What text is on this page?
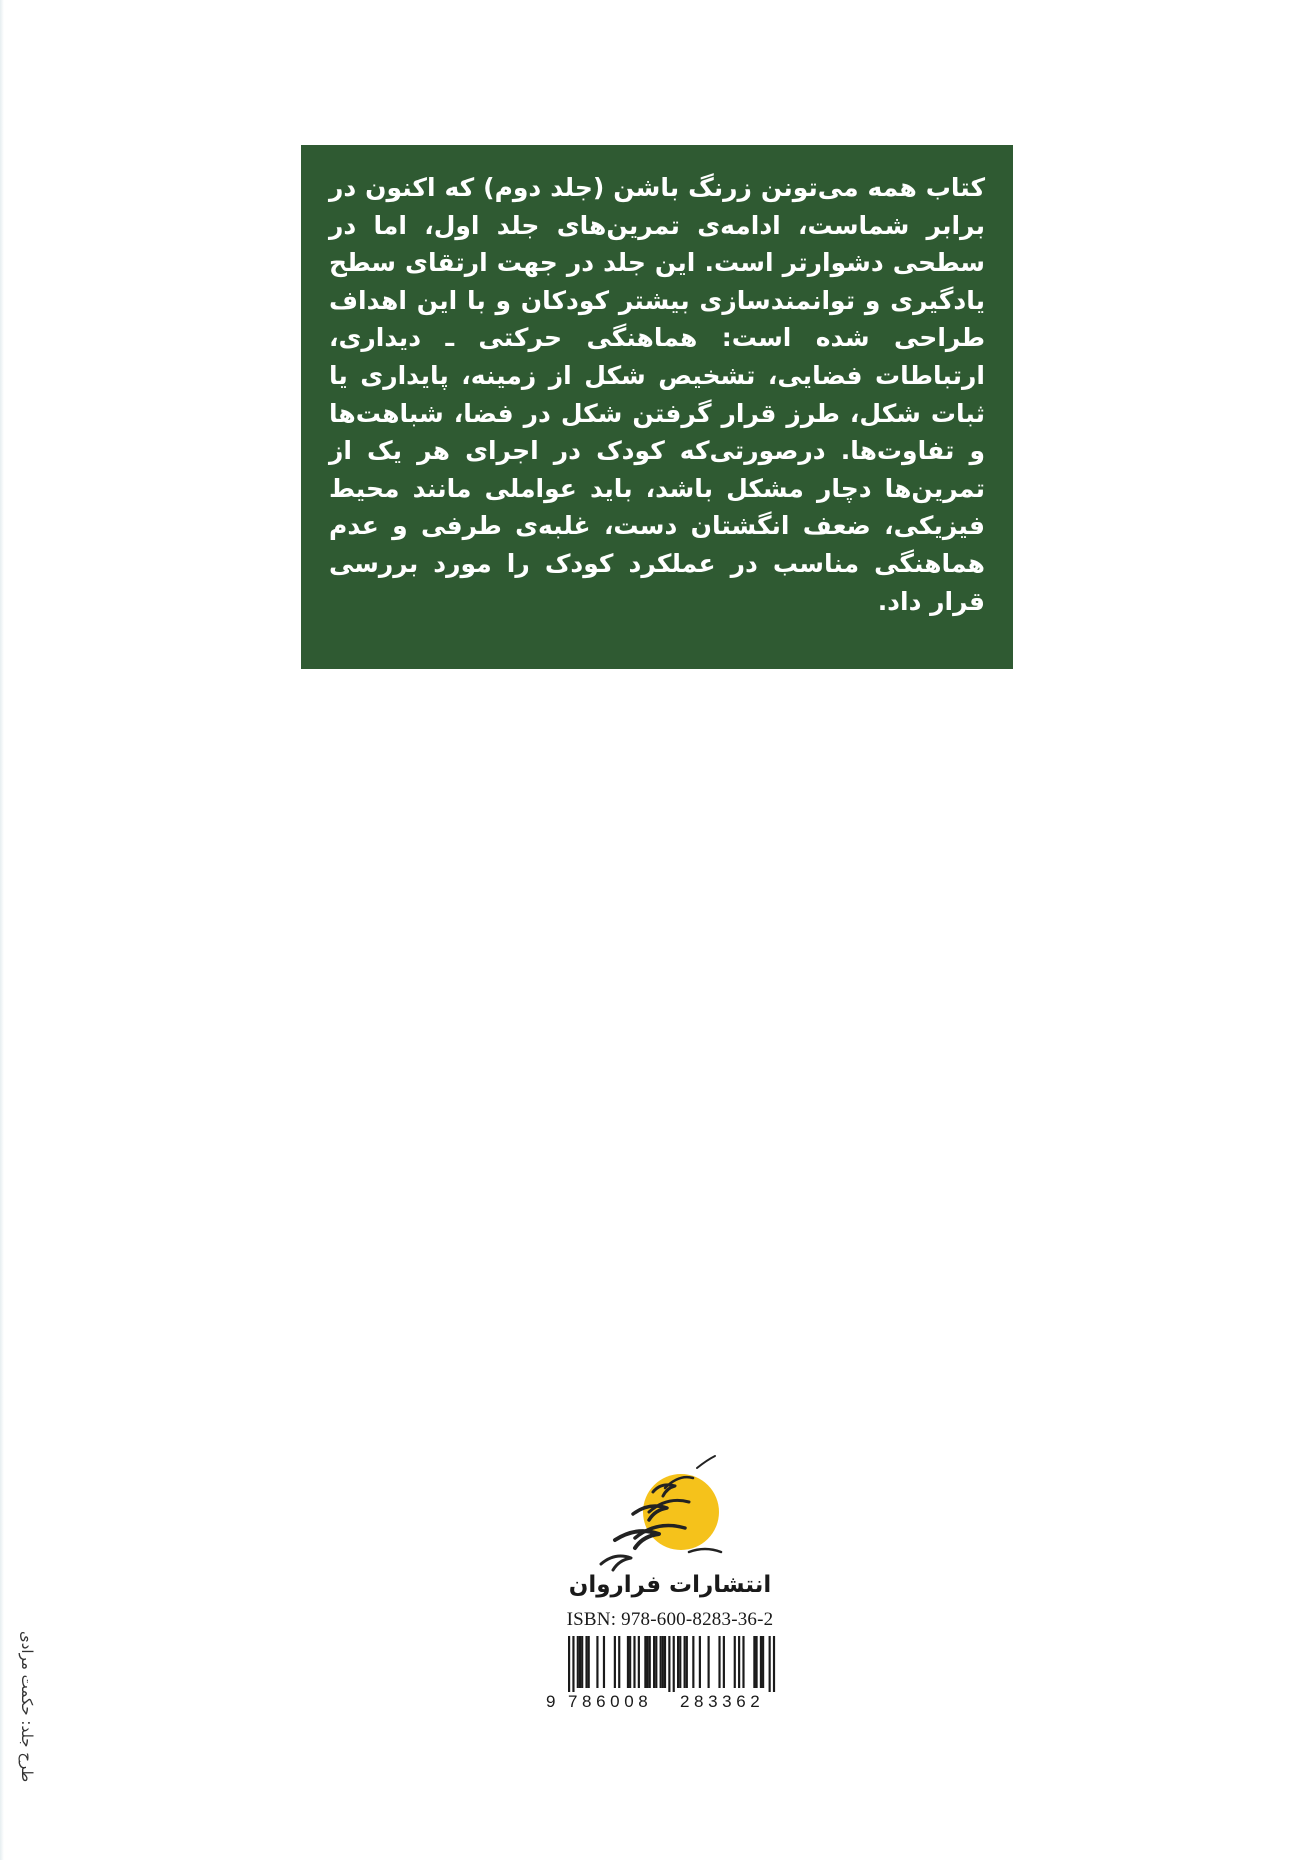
کتاب همه می‌تونن زرنگ باشن (جلد دوم) که اکنون در برابر شماست، ادامه‌ی تمرین‌های جلد اول، اما در سطحی دشوارتر است. این جلد در جهت ارتقای سطح یادگیری و توانمندسازی بیشتر کودکان و با این اهداف طراحی شده است: هماهنگی حرکتی ـ دیداری، ارتباطات فضایی، تشخیص شکل از زمینه، پایداری یا ثبات شکل، طرز قرار گرفتن شکل در فضا، شباهت‌ها و تفاوت‌ها. درصورتی‌که کودک در اجرای هر یک از تمرین‌ها دچار مشکل باشد، باید عواملی مانند محیط فیزیکی، ضعف انگشتان دست، غلبه‌ی طرفی و عدم هماهنگی مناسب در عملکرد کودک را مورد بررسی قرار داد.

انتشارات فراروان
ISBN: 978-600-8283-36-2
9 786008 283362
طرح جلد: حکمت مرادی
